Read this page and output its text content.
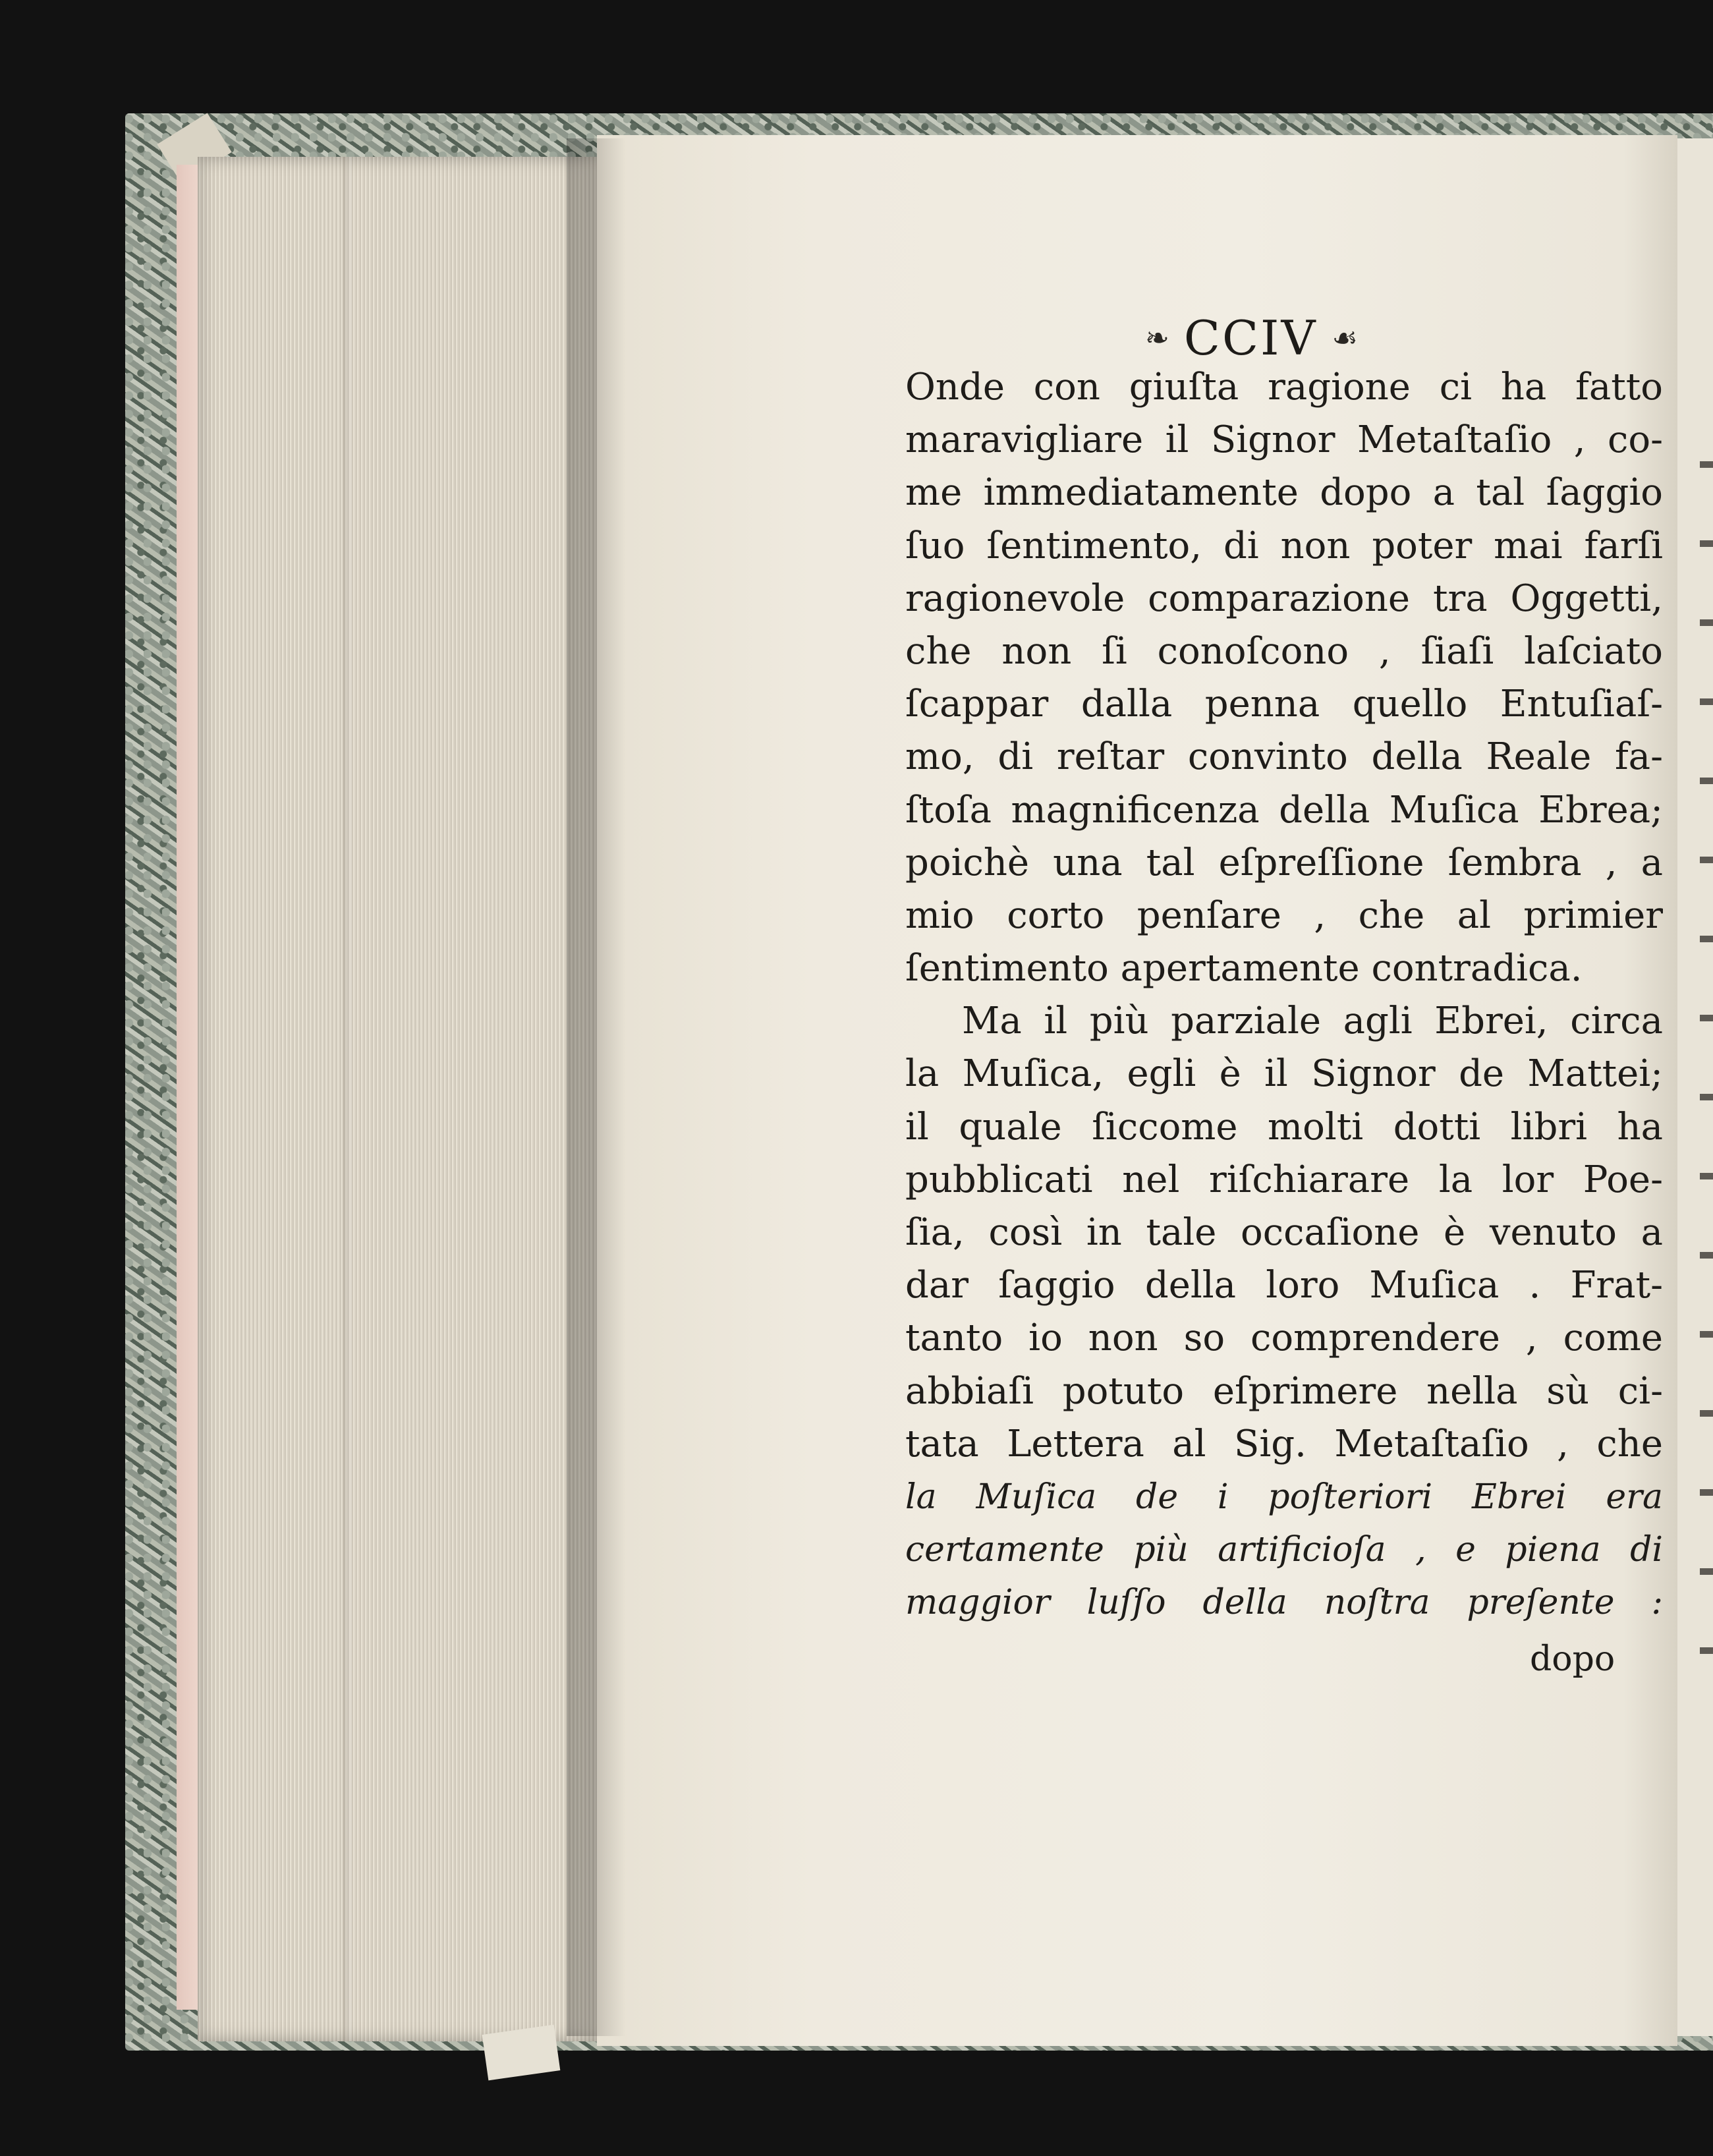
❧ CCIV ☙
Onde con giuſta ragione ci ha fatto
maravigliare il Signor Metaſtaſio , co-
me immediatamente dopo a tal ſaggio
ſuo ſentimento, di non poter mai farſi
ragionevole comparazione tra Oggetti,
che non ſi conoſcono , ſiaſi laſciato
ſcappar dalla penna quello Entuſiaſ-
mo, di reſtar convinto della Reale fa-
ſtoſa magnificenza della Muſica Ebrea;
poichè una tal eſpreſſione ſembra , a
mio corto penſare , che al primier
ſentimento apertamente contradica.
Ma il più parziale agli Ebrei, circa
la Muſica, egli è il Signor de Mattei;
il quale ſiccome molti dotti libri ha
pubblicati nel riſchiarare la lor Poe-
ſia, così in tale occaſione è venuto a
dar ſaggio della loro Muſica . Frat-
tanto io non so comprendere , come
abbiaſi potuto eſprimere nella sù ci-
tata Lettera al Sig. Metaſtaſio , che
la Muſica de i poſteriori Ebrei era
certamente più artificioſa , e piena di
maggior luſſo della noſtra preſente :
dopo
